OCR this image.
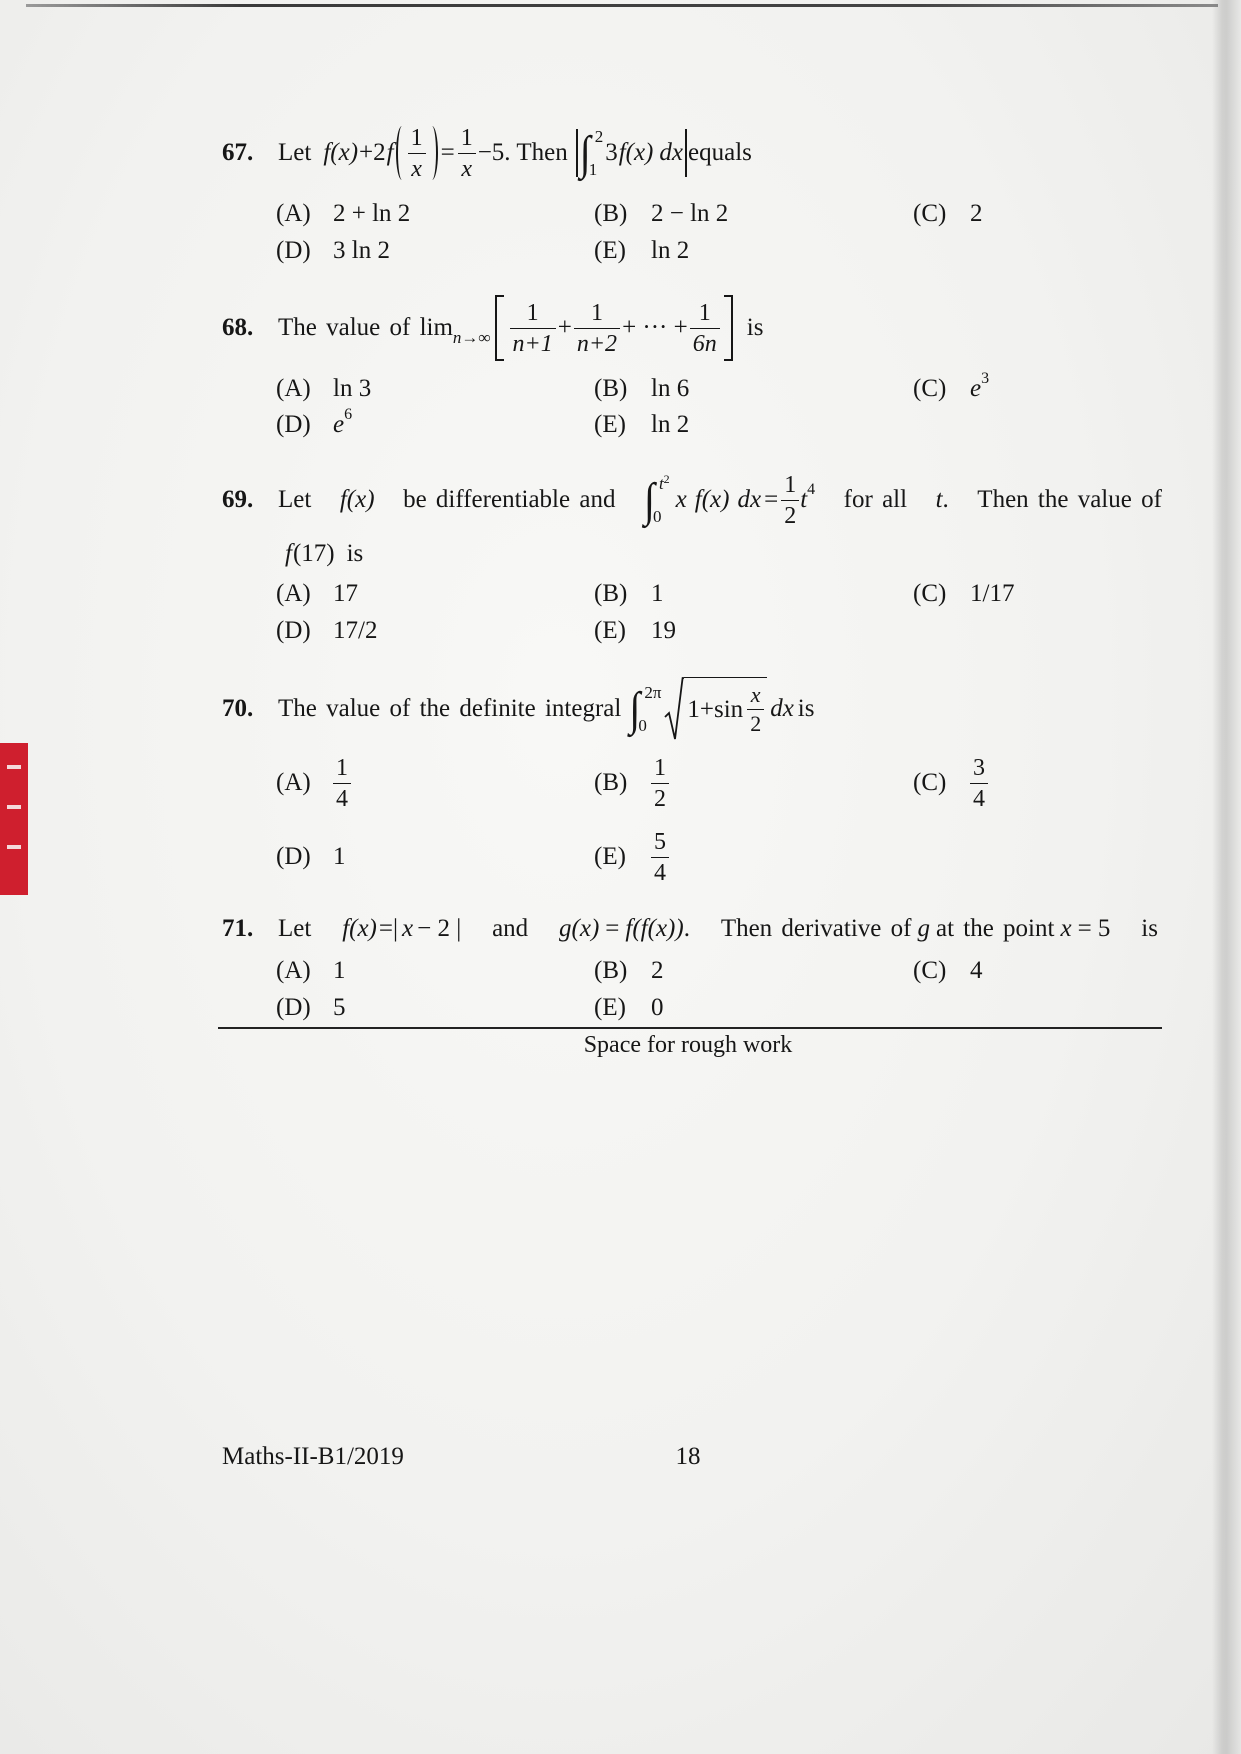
67. Let f(x) +2 f $\frac{1}{x} = \frac{1}{x} -5$. Then ∫ 2
1
3 f(x) dx equals
(A) 2 + ln 2	(B) 2 − ln 2	(C) 2
(D) 3 ln 2	(E)	ln 2
68. The value of $\lim n\to\infty \frac{1}{n+1} + \frac{1}{n+2}$ + ··· + $\frac{1}{6n}$ is
(A) ln 3	(B) ln 6	(C) e 3
(D) e 6	(E)	ln 2
69. Let f(x) be differentiable and ∫ $t^2$
0
x f(x) dx = $\frac{1}{2}$ t 4 for all t . Then the value of
f (17) is
(A) 17	(B) 1	(C) 1/17
(D) 17/2	(E)	19
70. The value of the definite integral ∫ 2π
0
$1+\sin \frac{x}{2}$ dx is
$(A) \frac{1}{4}$	$(B) \frac{1}{2}$	$(C) \frac{3}{4}$
(D) 1	(E)	$\frac{5}{4}$
71. Let f(x) =| x − 2 | and g(x) = f(f(x)) . Then derivative of g at the point x = 5 is
(A) 1	(B) 2	(C) 4
(D) 5	(E)	0
Space for rough work
Maths-II-B1/2019	18
